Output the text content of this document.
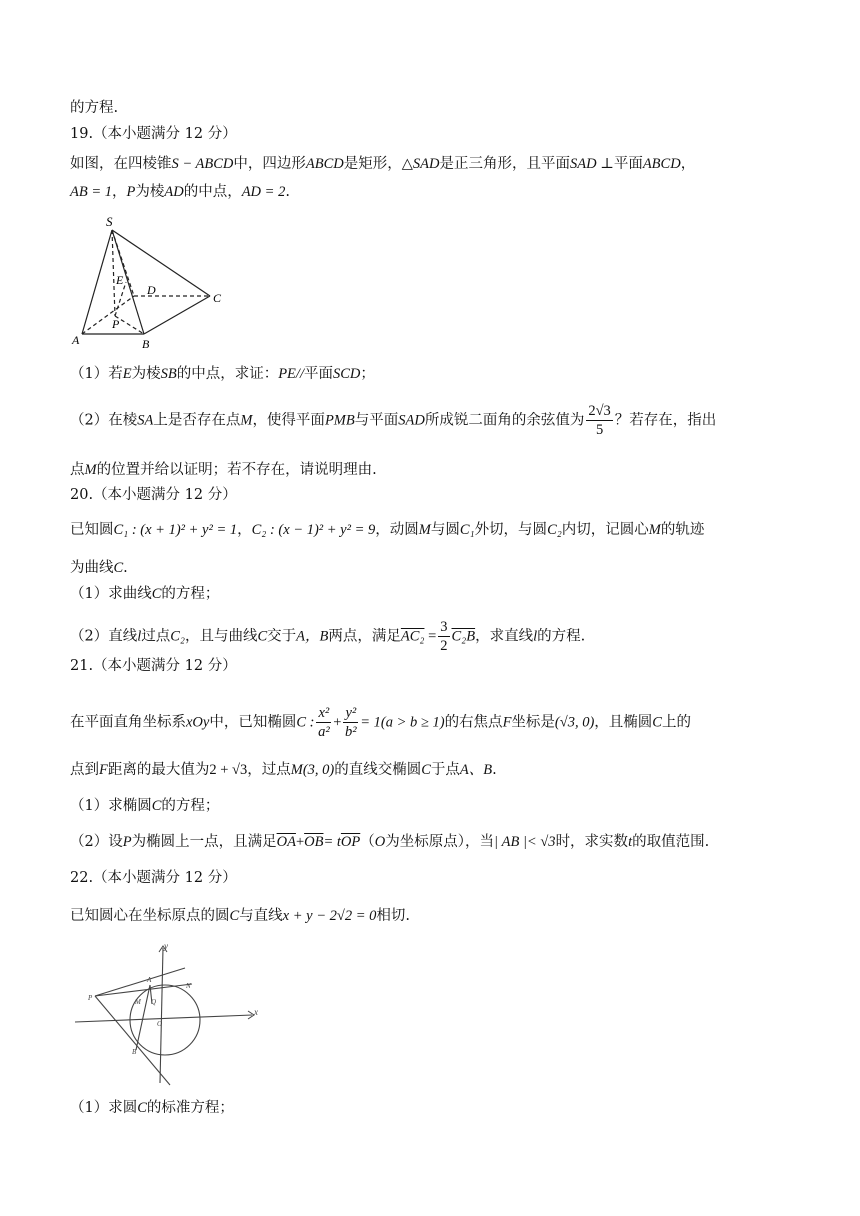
的方程.
19.（本小题满分 12 分）
如图，在四棱锥S − ABCD中，四边形ABCD是矩形，△SAD是正三角形，且平面SAD ⊥平面ABCD，
AB = 1，P为棱AD的中点，AD = 2.
S
E
D
C
P
A	B
（1）若E为棱SB的中点，求证：PE//平面SCD；
（2）在棱SA上是否存在点M，使得平面PMB与平面SAD所成锐二面角的余弦值为 $\frac{2√3}{5}$ ？若存在，指出
点M的位置并给以证明；若不存在，请说明理由.
20.（本小题满分 12 分）
已知圆C₁ : (x + 1)² + y² = 1，C₂ : (x − 1)² + y² = 9，动圆M与圆C₁外切，与圆C₂内切，记圆心M的轨迹
为曲线C.
（1）求曲线C的方程；
（2）直线l过点C₂，且与曲线C交于A，B两点，满足$AC_2 = \frac{3}{2} C_2B$，求直线l的方程.
21.（本小题满分 12 分）
在平面直角坐标系xOy中，已知椭圆C : $\frac{\text{x²}}{\text{a²}} + \frac{\text{y²}}{\text{b²}} = 1(a > b \ge 1)$的右焦点F坐标是(√3, 0)，且椭圆C上的
点到F距离的最大值为2 + √3，过点M(3, 0)的直线交椭圆C于点A、B.
（1）求椭圆C的方程；
（2）设P为椭圆上一点，且满足$\overline{OA}+\overline{OB}= t\overline{OP}(O$为坐标原点），当| AB |< √3时，求实数t的取值范围.
22.（本小题满分 12 分）
已知圆心在坐标原点的圆C与直线x + y − 2√2 = 0相切.
y
x
P
A
N
M Q
O
B
（1）求圆C的标准方程；
